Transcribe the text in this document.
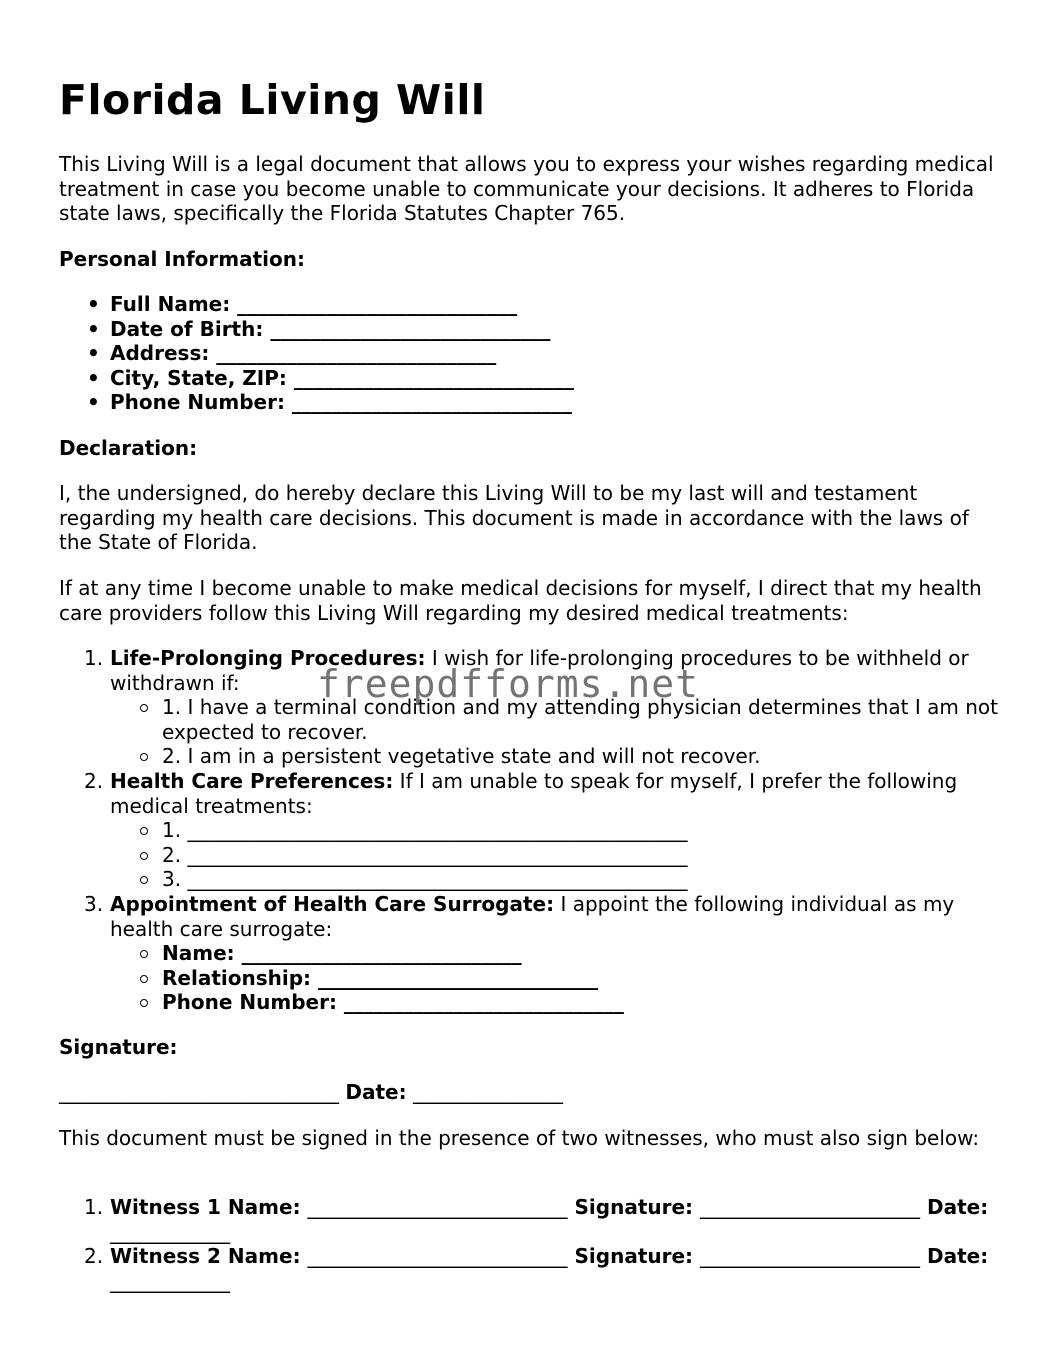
Florida Living Will

This Living Will is a legal document that allows you to express your wishes regarding medical treatment in case you become unable to communicate your decisions. It adheres to Florida state laws, specifically the Florida Statutes Chapter 765.

Personal Information:

• Full Name: ____________________________
• Date of Birth: ____________________________
• Address: ____________________________
• City, State, ZIP: ____________________________
• Phone Number: ____________________________

Declaration:

I, the undersigned, do hereby declare this Living Will to be my last will and testament regarding my health care decisions. This document is made in accordance with the laws of the State of Florida.

If at any time I become unable to make medical decisions for myself, I direct that my health care providers follow this Living Will regarding my desired medical treatments:

1. Life-Prolonging Procedures: I wish for life-prolonging procedures to be withheld or withdrawn if:
1. I have a terminal condition and my attending physician determines that I am not expected to recover.
2. I am in a persistent vegetative state and will not recover.
2. Health Care Preferences: If I am unable to speak for myself, I prefer the following medical treatments:
1. __________________________________________________
2. __________________________________________________
3. __________________________________________________
3. Appointment of Health Care Surrogate: I appoint the following individual as my health care surrogate:
Name: ____________________________
Relationship: ____________________________
Phone Number: ____________________________

Signature:

____________________________ Date: _______________

This document must be signed in the presence of two witnesses, who must also sign below:

1. Witness 1 Name: __________________________ Signature: ______________________ Date: ____________
2. Witness 2 Name: __________________________ Signature: ______________________ Date: ____________
freepdfforms.net
